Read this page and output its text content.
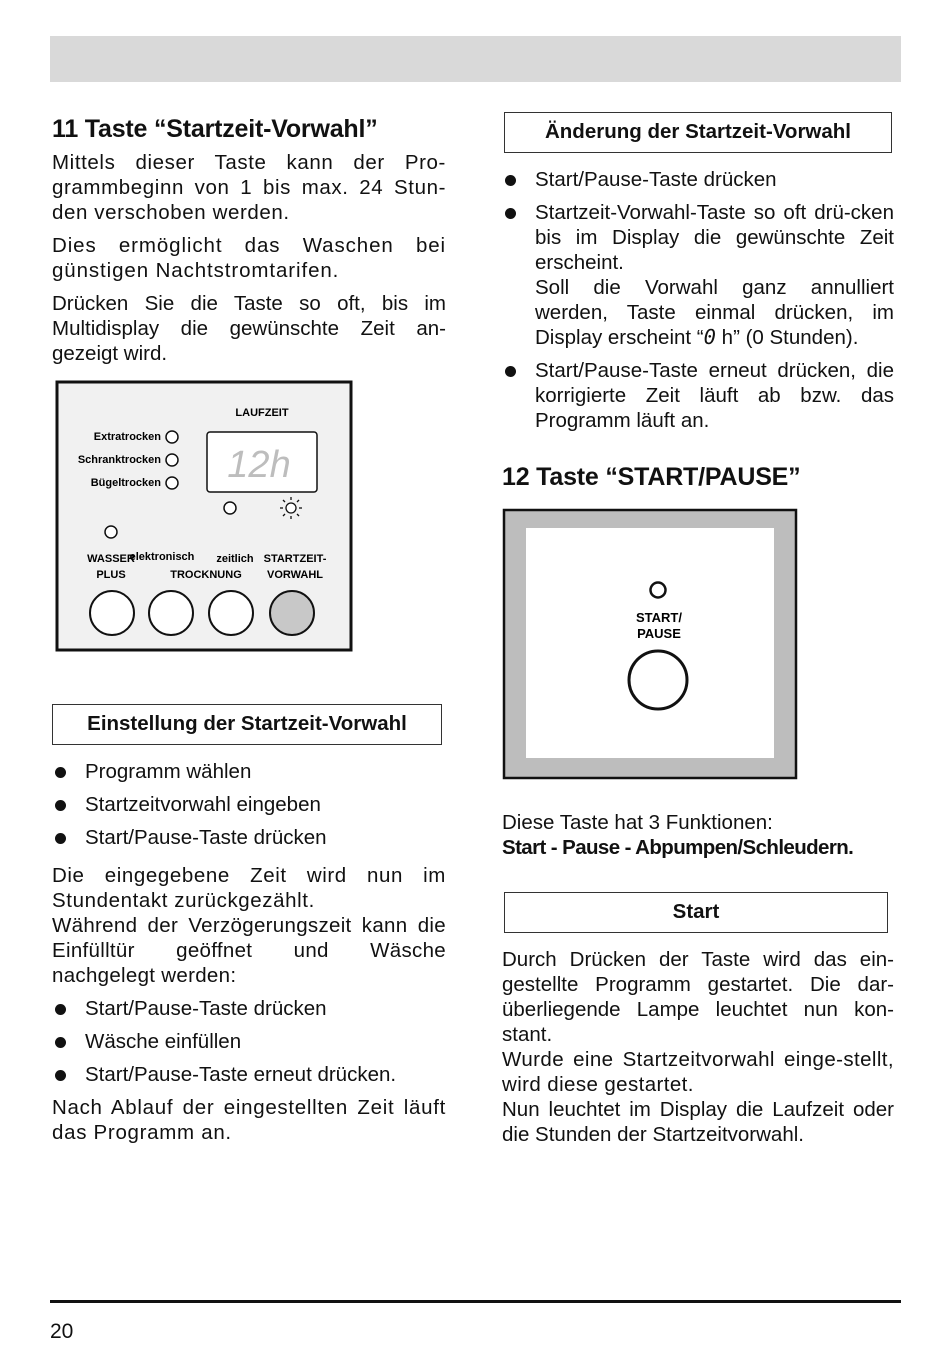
11 Taste “Startzeit-Vorwahl”

Mittels dieser Taste kann der Pro-grammbeginn von 1 bis max. 24 Stun-den verschoben werden.

Dies ermöglicht das Waschen bei günstigen Nachtstromtarifen.

Drücken Sie die Taste so oft, bis im Multidisplay die gewünschte Zeit an-gezeigt wird.

LAUFZEIT
Extratrocken
Schranktrocken
Bügeltrocken 12h
WASSER
PLUS
elektronisch zeitlich
TROCKNUNG
STARTZEIT-
VORWAHL
Einstellung der Startzeit-Vorwahl
Programm wählen
Startzeitvorwahl eingeben
Start/Pause-Taste drücken

Die eingegebene Zeit wird nun im Stundentakt zurückgezählt.

Während der Verzögerungszeit kann die Einfülltür geöffnet und Wäsche nachgelegt werden:

Start/Pause-Taste drücken
Wäsche einfüllen
Start/Pause-Taste erneut drücken.

Nach Ablauf der eingestellten Zeit läuft das Programm an.

Änderung der Startzeit-Vorwahl
Start/Pause-Taste drücken
Startzeit-Vorwahl-Taste so oft drü-cken bis im Display die gewünschte Zeit erscheint.
Soll die Vorwahl ganz annulliert werden, Taste einmal drücken, im Display erscheint “0 h” (0 Stunden).
Start/Pause-Taste erneut drücken, die korrigierte Zeit läuft ab bzw. das Programm läuft an.
12 Taste “START/PAUSE”
START/
PAUSE

Diese Taste hat 3 Funktionen:

Start - Pause - Abpumpen/Schleudern.

Start

Durch Drücken der Taste wird das ein-gestellte Programm gestartet. Die dar-überliegende Lampe leuchtet nun kon-stant.

Wurde eine Startzeitvorwahl einge-stellt, wird diese gestartet.

Nun leuchtet im Display die Laufzeit oder die Stunden der Startzeitvorwahl.

20
